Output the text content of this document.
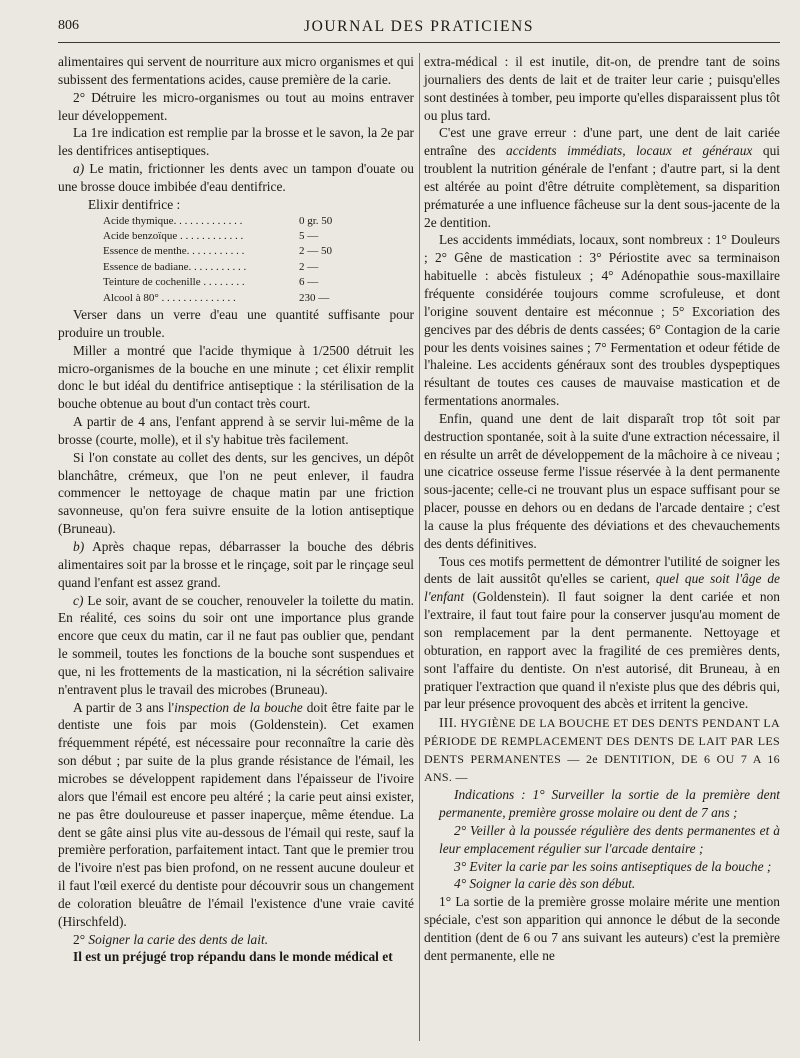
806	JOURNAL DES PRATICIENS

alimentaires qui servent de nourriture aux micro organismes et qui subissent des fermentations acides, cause première de la carie.

2° Détruire les micro-organismes ou tout au moins entraver leur développement.

La 1re indication est remplie par la brosse et le savon, la 2e par les dentifrices antiseptiques.

a) Le matin, frictionner les dents avec un tampon d'ouate ou une brosse douce imbibée d'eau dentifrice.

Elixir dentifrice :

Acide thymique. . . . . . . . . . . . .	0 gr. 50
Acide benzoïque . . . . . . . . . . . .	5 —
Essence de menthe. . . . . . . . . . .	2 — 50
Essence de badiane. . . . . . . . . . .	2 —
Teinture de cochenille . . . . . . . .	6 —
Alcool à 80° . . . . . . . . . . . . . .	230 —

Verser dans un verre d'eau une quantité suffisante pour produire un trouble.

Miller a montré que l'acide thymique à 1/2500 détruit les micro-organismes de la bouche en une minute ; cet élixir remplit donc le but idéal du dentifrice antiseptique : la stérilisation de la bouche obtenue au bout d'un contact très court.

A partir de 4 ans, l'enfant apprend à se servir lui-même de la brosse (courte, molle), et il s'y habitue très facilement.

Si l'on constate au collet des dents, sur les gencives, un dépôt blanchâtre, crémeux, que l'on ne peut enlever, il faudra commencer le nettoyage de chaque matin par une friction savonneuse, qu'on fera suivre ensuite de la lotion antiseptique (Bruneau).

b) Après chaque repas, débarrasser la bouche des débris alimentaires soit par la brosse et le rinçage, soit par le rinçage seul quand l'enfant est assez grand.

c) Le soir, avant de se coucher, renouveler la toilette du matin. En réalité, ces soins du soir ont une importance plus grande encore que ceux du matin, car il ne faut pas oublier que, pendant le sommeil, toutes les fonctions de la bouche sont suspendues et que, ni les frottements de la mastication, ni la sécrétion salivaire n'entravent plus le travail des microbes (Bruneau).

A partir de 3 ans l'inspection de la bouche doit être faite par le dentiste une fois par mois (Goldenstein). Cet examen fréquemment répété, est nécessaire pour reconnaître la carie dès son début ; par suite de la plus grande résistance de l'émail, les microbes se développent rapidement dans l'épaisseur de l'ivoire alors que l'émail est encore peu altéré ; la carie peut ainsi exister, ne pas être douloureuse et passer inaperçue, même étendue. La dent se gâte ainsi plus vite au-dessous de l'émail qui reste, sauf la première perforation, parfaitement intact. Tant que le premier trou de l'ivoire n'est pas bien profond, on ne ressent aucune douleur et il faut l'œil exercé du dentiste pour découvrir sous un changement de coloration bleuâtre de l'émail l'existence d'une vraie cavité (Hirschfeld).

2° Soigner la carie des dents de lait.

Il est un préjugé trop répandu dans le monde médical et

extra-médical : il est inutile, dit-on, de prendre tant de soins journaliers des dents de lait et de traiter leur carie ; puisqu'elles sont destinées à tomber, peu importe qu'elles disparaissent plus tôt ou plus tard.

C'est une grave erreur : d'une part, une dent de lait cariée entraîne des accidents immédiats, locaux et généraux qui troublent la nutrition générale de l'enfant ; d'autre part, si la dent est altérée au point d'être détruite complètement, sa disparition prématurée a une influence fâcheuse sur la dent sous-jacente de la 2e dentition.

Les accidents immédiats, locaux, sont nombreux : 1° Douleurs ; 2° Gêne de mastication : 3° Périostite avec sa terminaison habituelle : abcès fistuleux ; 4° Adénopathie sous-maxillaire fréquente considérée toujours comme scrofuleuse, et dont l'origine souvent dentaire est méconnue ; 5° Excoriation des gencives par des débris de dents cassées; 6° Contagion de la carie pour les dents voisines saines ; 7° Fermentation et odeur fétide de l'haleine. Les accidents généraux sont des troubles dyspeptiques résultant de toutes ces causes de mauvaise mastication et de fermentations anormales.

Enfin, quand une dent de lait disparaît trop tôt soit par destruction spontanée, soit à la suite d'une extraction nécessaire, il en résulte un arrêt de développement de la mâchoire à ce niveau ; une cicatrice osseuse ferme l'issue réservée à la dent permanente sous-jacente; celle-ci ne trouvant plus un espace suffisant pour se placer, pousse en dehors ou en dedans de l'arcade dentaire ; c'est la cause la plus fréquente des déviations et des chevauchements des dents définitives.

Tous ces motifs permettent de démontrer l'utilité de soigner les dents de lait aussitôt qu'elles se carient, quel que soit l'âge de l'enfant (Goldenstein). Il faut soigner la dent cariée et non l'extraire, il faut tout faire pour la conserver jusqu'au moment de son remplacement par la dent permanente. Nettoyage et obturation, en rapport avec la fragilité de ces premières dents, sont l'affaire du dentiste. On n'est autorisé, dit Bruneau, à en pratiquer l'extraction que quand il n'existe plus que des débris qui, par leur présence provoquent des abcès et irritent la gencive.

III. HYGIÈNE DE LA BOUCHE ET DES DENTS PENDANT LA PÉRIODE DE REMPLACEMENT DES DENTS DE LAIT PAR LES DENTS PERMANENTES — 2e DENTITION, DE 6 OU 7 A 16 ANS. —

Indications : 1° Surveiller la sortie de la première dent permanente, première grosse molaire ou dent de 7 ans ;

2° Veiller à la poussée régulière des dents permanentes et à leur emplacement régulier sur l'arcade dentaire ;

3° Eviter la carie par les soins antiseptiques de la bouche ;

4° Soigner la carie dès son début.

1° La sortie de la première grosse molaire mérite une mention spéciale, c'est son apparition qui annonce le début de la seconde dentition (dent de 6 ou 7 ans suivant les auteurs) c'est la première dent permanente, elle ne
